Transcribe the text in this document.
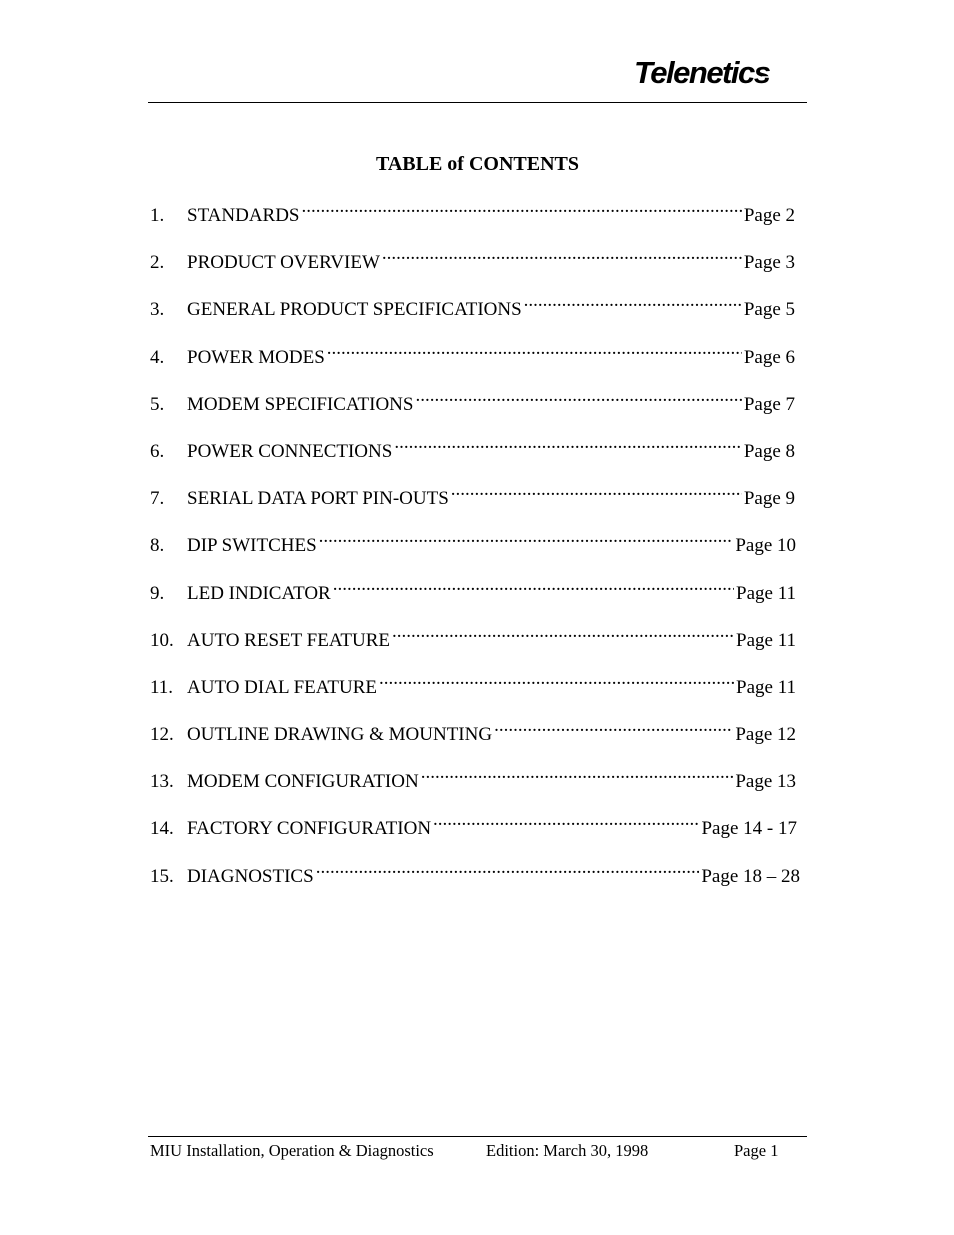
Telenetics
TABLE of CONTENTS
1.	STANDARDS .....	Page 2
2.	PRODUCT OVERVIEW .....	Page 3
3.	GENERAL PRODUCT SPECIFICATIONS .....	Page 5
4.	POWER MODES .....	Page 6
5.	MODEM SPECIFICATIONS .....	Page 7
6.	POWER CONNECTIONS .....	Page 8
7.	SERIAL DATA PORT PIN-OUTS .....	Page 9
8.	DIP SWITCHES .....	Page 10
9.	LED INDICATOR .....	Page 11
10. AUTO RESET FEATURE .....	Page 11
11. AUTO DIAL FEATURE .....	Page 11
12. OUTLINE DRAWING & MOUNTING .....	Page 12
13. MODEM CONFIGURATION .....	Page 13
14. FACTORY CONFIGURATION .....	Page 14 - 17
15. DIAGNOSTICS .....	Page 18 – 28
MIU Installation, Operation & Diagnostics	Edition: March 30, 1998	Page 1
